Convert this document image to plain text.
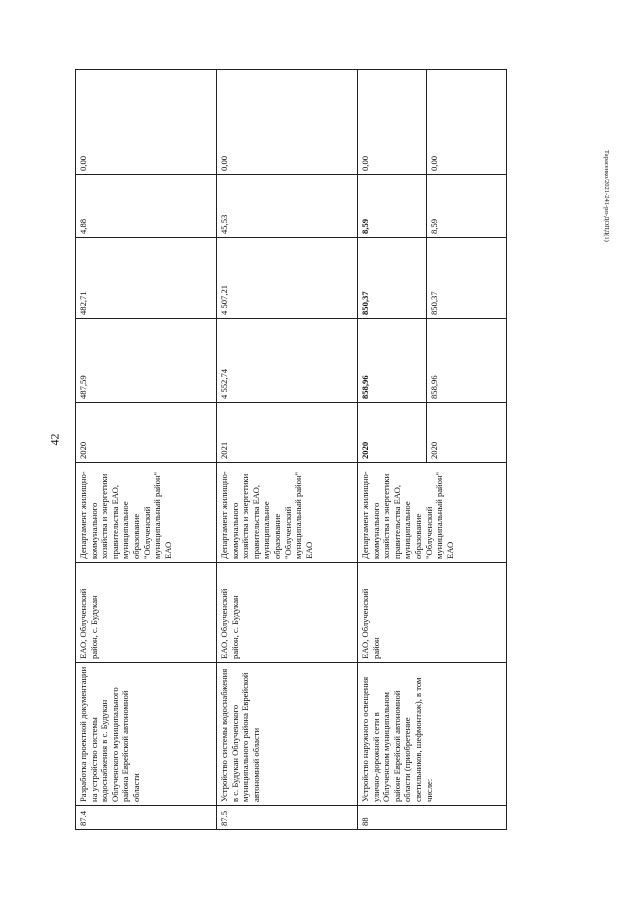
42
Тарасенко/2021-241-рп-ДОПД(1)
87.4	Разработка проектной документации на устройство системы водоснабжения в с. Будукан Облученского муниципального района Еврейской автономной области	ЕАО, Облученский район, с. Будукан	Департамент жилищно-коммунального хозяйства и энергетики правительства ЕАО, муниципальное образование "Облученский муниципальный район" ЕАО	2020	487,59	482,71	4,88	0,00
87.5	Устройство системы водоснабжения в с. Будукан Облученского муниципального района Еврейской автономной области	ЕАО, Облученский район, с. Будукан	Департамент жилищно-коммунального хозяйства и энергетики правительства ЕАО, муниципальное образование "Облученский муниципальный район" ЕАО	2021	4 552,74	4 507,21	45,53	0,00
88	Устройство наружного освещения улично-дорожной сети в Облученском муниципальном районе Еврейской автономной области (приобретение светильников, шефмонтаж), в том числе:	ЕАО, Облученский район	Департамент жилищно-коммунального хозяйства и энергетики правительства ЕАО, муниципальное образование "Облученский муниципальный район" ЕАО	2020	858,96	850,37	8,59	0,00
				2020	858,96	850,37	8,59	0,00
